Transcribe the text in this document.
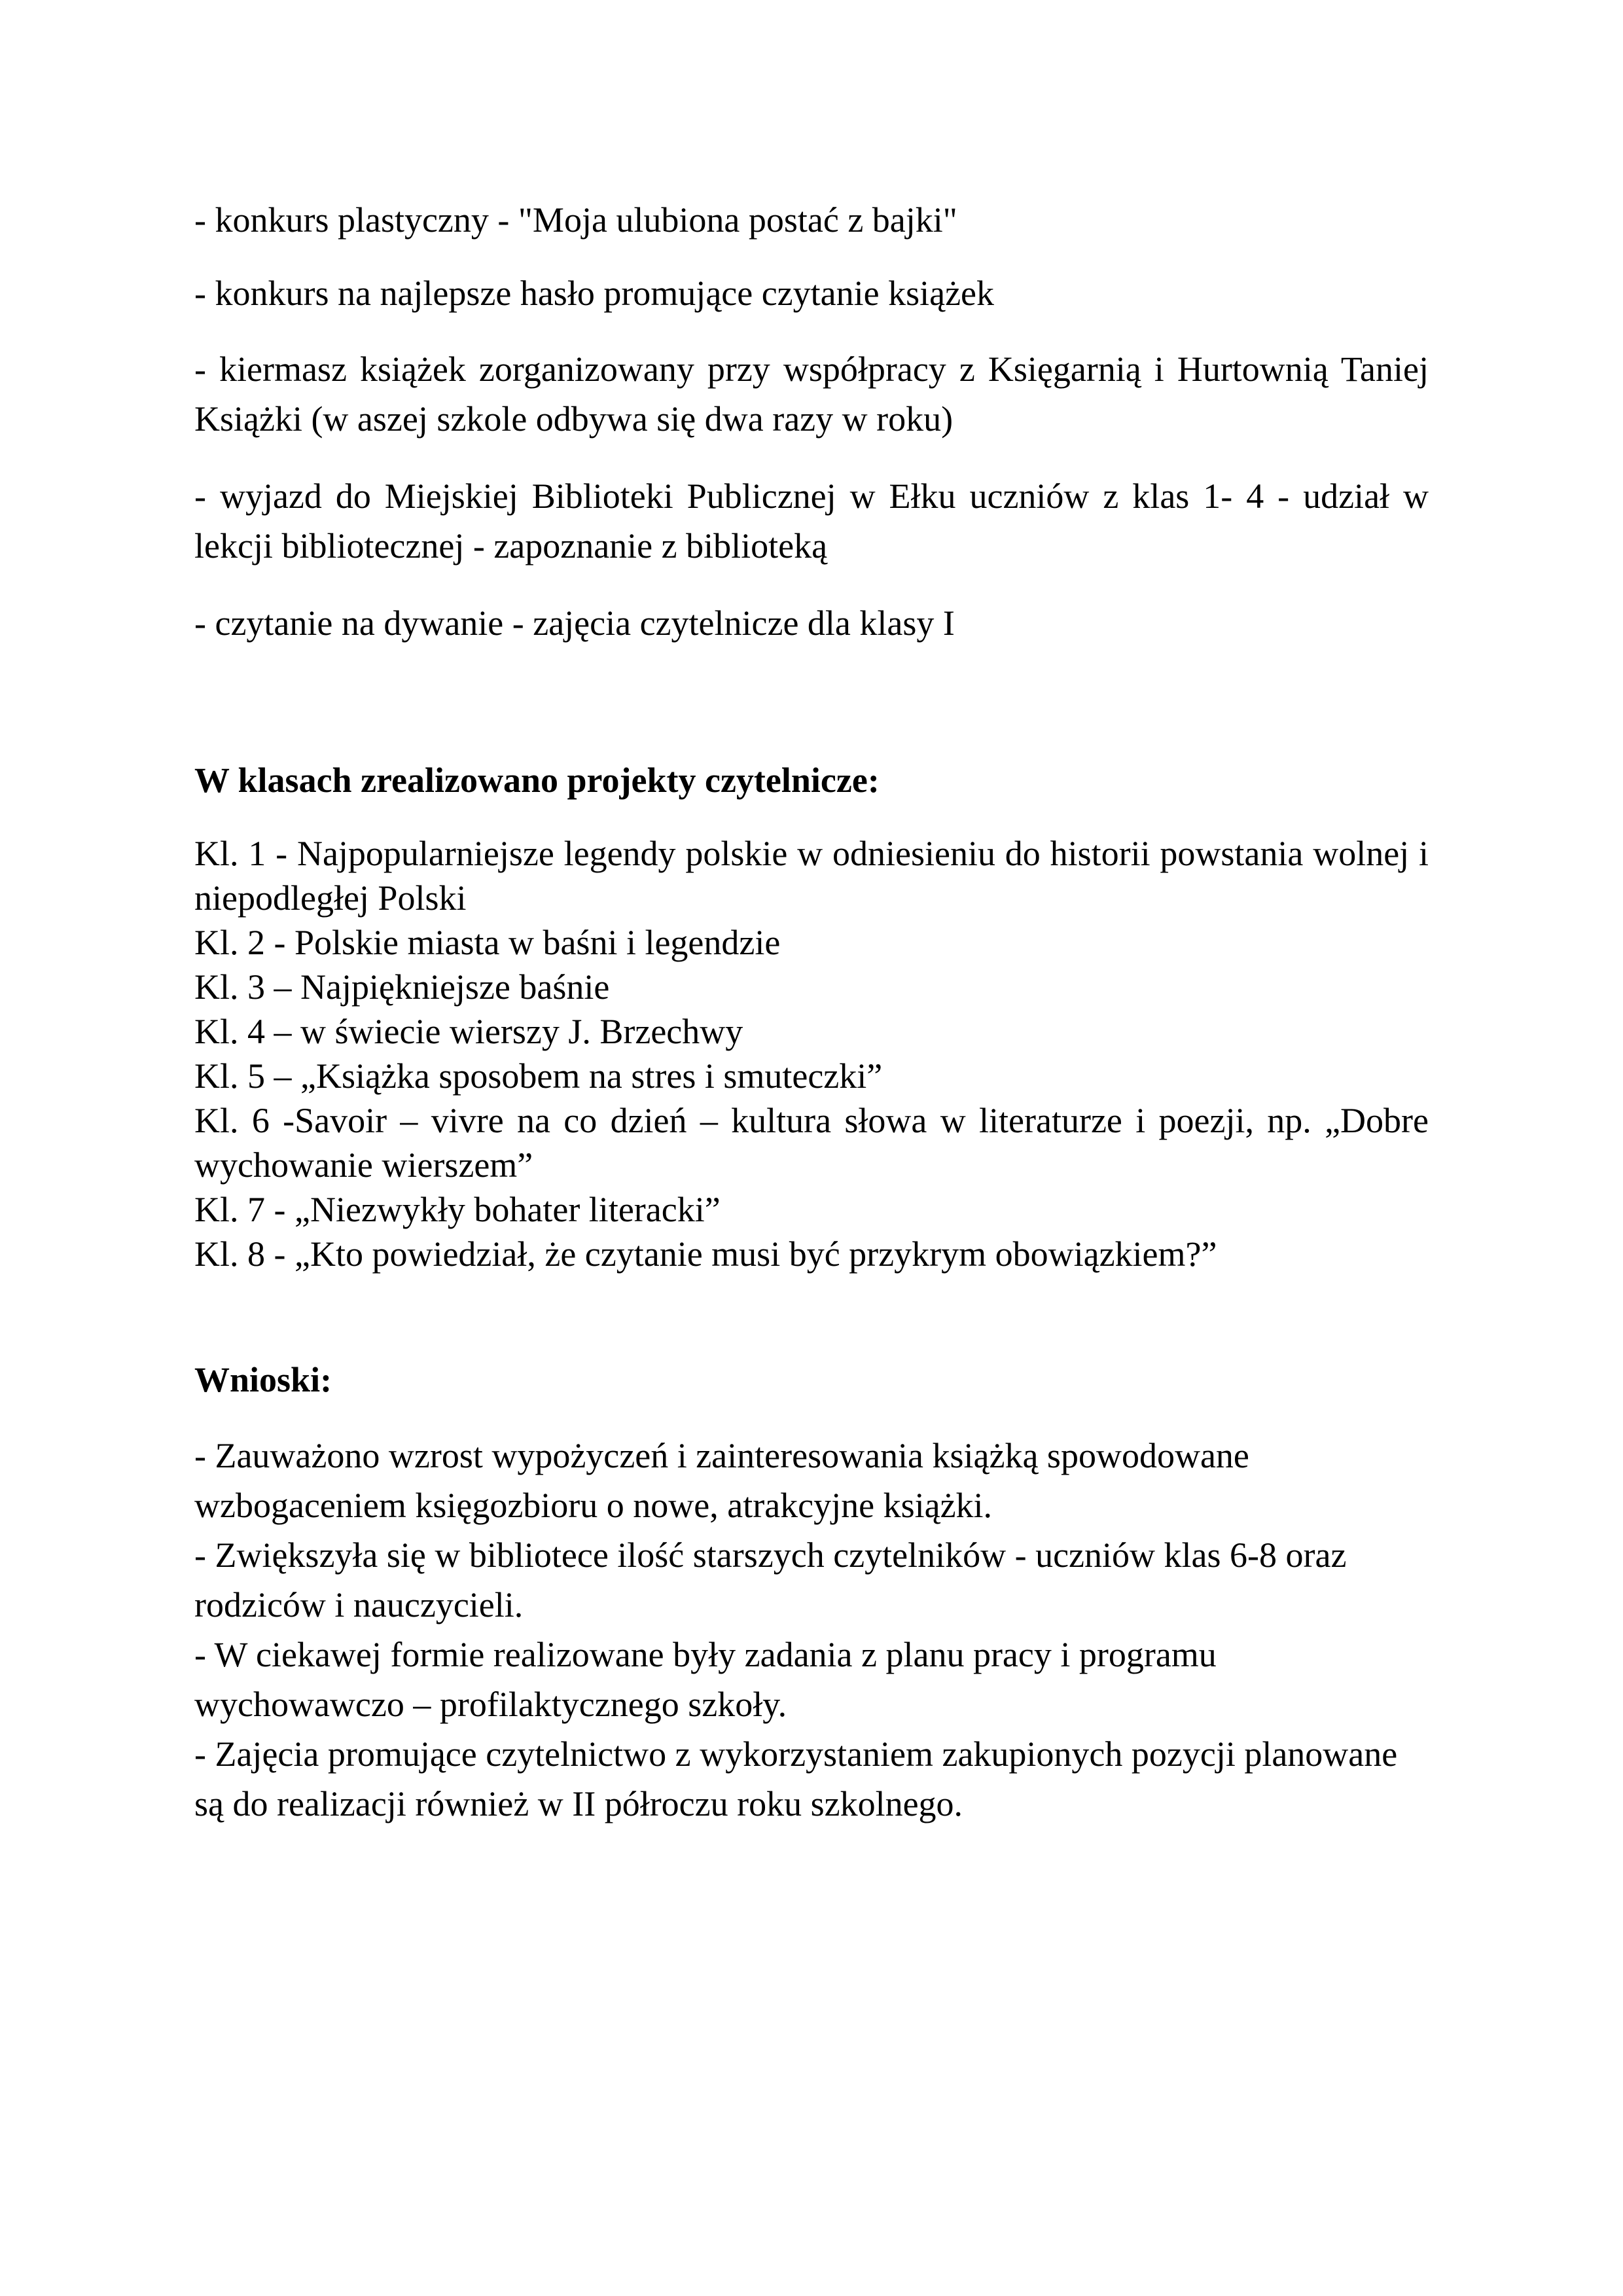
- konkurs plastyczny - "Moja ulubiona postać z bajki"

- konkurs na najlepsze hasło promujące czytanie książek

- kiermasz książek zorganizowany przy współpracy z Księgarnią i Hurtownią Taniej Książki (w aszej szkole odbywa się dwa razy w roku)

- wyjazd do Miejskiej Biblioteki Publicznej w Ełku uczniów z klas 1- 4 - udział w lekcji bibliotecznej - zapoznanie z biblioteką

- czytanie na dywanie - zajęcia czytelnicze dla klasy I

W klasach zrealizowano projekty czytelnicze:

Kl. 1 - Najpopularniejsze legendy polskie w odniesieniu do historii powstania wolnej i niepodległej Polski

Kl. 2 - Polskie miasta w baśni i legendzie

Kl. 3 – Najpiękniejsze baśnie

Kl. 4 – w świecie wierszy J. Brzechwy

Kl. 5 – „Książka sposobem na stres i smuteczki”

Kl. 6 -Savoir – vivre na co dzień – kultura słowa w literaturze i poezji, np. „Dobre wychowanie wierszem”

Kl. 7 - „Niezwykły bohater literacki”

Kl. 8 - „Kto powiedział, że czytanie musi być przykrym obowiązkiem?”

Wnioski:

- Zauważono wzrost wypożyczeń i zainteresowania książką spowodowane wzbogaceniem księgozbioru o nowe, atrakcyjne książki.

- Zwiększyła się w bibliotece ilość starszych czytelników - uczniów klas 6-8 oraz rodziców i nauczycieli.

- W ciekawej formie realizowane były zadania z planu pracy i programu wychowawczo – profilaktycznego szkoły.

- Zajęcia promujące czytelnictwo z wykorzystaniem zakupionych pozycji planowane są do realizacji również w II półroczu roku szkolnego.
